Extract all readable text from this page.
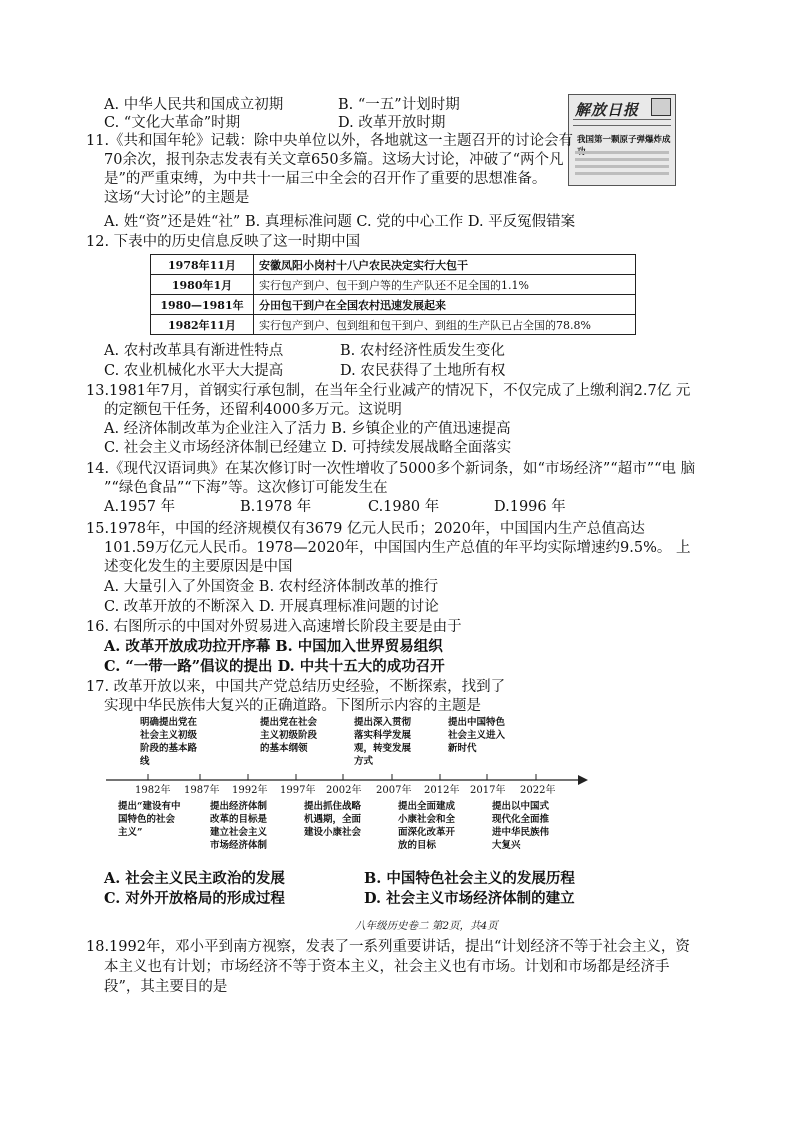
A. 中华人民共和国成立初期	B. “一五”计划时期
C. “文化大革命”时期	D. 改革开放时期
解放日报
我国第一颗原子弹爆炸成
11.《共和国年轮》记载：除中央单位以外，各地就这一主题召开的讨论会有
70余次，报刊杂志发表有关文章650多篇。这场大讨论，冲破了“两个凡
是”的严重束缚，为中共十一届三中全会的召开作了重要的思想准备。
这场“大讨论”的主题是
A. 姓“资”还是姓“社” B. 真理标准问题 C. 党的中心工作 D. 平反冤假错案
12. 下表中的历史信息反映了这一时期中国
1978年11月	安徽凤阳小岗村十八户农民决定实行大包干
1980年1月	实行包产到户、包干到户等的生产队还不足全国的1.1%
1980—1981年	分田包干到户在全国农村迅速发展起来
1982年11月	实行包产到户、包到组和包干到户、到组的生产队已占全国的78.8%
A. 农村改革具有渐进性特点	B. 农村经济性质发生变化
C. 农业机械化水平大大提高	D. 农民获得了土地所有权
13.1981年7月，首钢实行承包制，在当年全行业减产的情况下，不仅完成了上缴利润2.7亿 元
的定额包干任务，还留利4000多万元。这说明
A. 经济体制改革为企业注入了活力 B. 乡镇企业的产值迅速提高
C. 社会主义市场经济体制已经建立 D. 可持续发展战略全面落实
14.《现代汉语词典》在某次修订时一次性增收了5000多个新词条，如“市场经济”“超市”“电 脑
”“绿色食品”“下海”等。这次修订可能发生在
A.1957 年	B.1978 年	C.1980 年	D.1996 年
15.1978年，中国的经济规模仅有3679 亿元人民币；2020年，中国国内生产总值高达
101.59万亿元人民币。1978—2020年，中国国内生产总值的年平均实际增速约9.5%。 上
述变化发生的主要原因是中国
A. 大量引入了外国资金 B. 农村经济体制改革的推行
C. 改革开放的不断深入 D. 开展真理标准问题的讨论
16. 右图所示的中国对外贸易进入高速增长阶段主要是由于
A. 改革开放成功拉开序幕 B. 中国加入世界贸易组织
C. “一带一路”倡议的提出 D. 中共十五大的成功召开
17. 改革开放以来，中国共产党总结历史经验，不断探索，找到了
实现中华民族伟大复兴的正确道路。下图所示内容的主题是
明确提出党在社会主义初级阶段的基本路线
提出党在社会主义初级阶段的基本纲领
提出深入贯彻落实科学发展观，转变发展方式
提出中国特色社会主义进入新时代
1982年 1987年 1992年 1997年 2002年 2007年 2012年 2017年 2022年
提出“建设有中国特色的社会主义”
提出经济体制改革的目标是建立社会主义市场经济体制
提出抓住战略机遇期，全面建设小康社会
提出全面建成小康社会和全面深化改革开放的目标
提出以中国式现代化全面推进中华民族伟大复兴
A. 社会主义民主政治的发展	B. 中国特色社会主义的发展历程
C. 对外开放格局的形成过程	D. 社会主义市场经济体制的建立
八年级历史卷二 第2页，共4页
18.1992年，邓小平到南方视察，发表了一系列重要讲话，提出“计划经济不等于社会主义，资
本主义也有计划；市场经济不等于资本主义，社会主义也有市场。计划和市场都是经济手
段”，其主要目的是
